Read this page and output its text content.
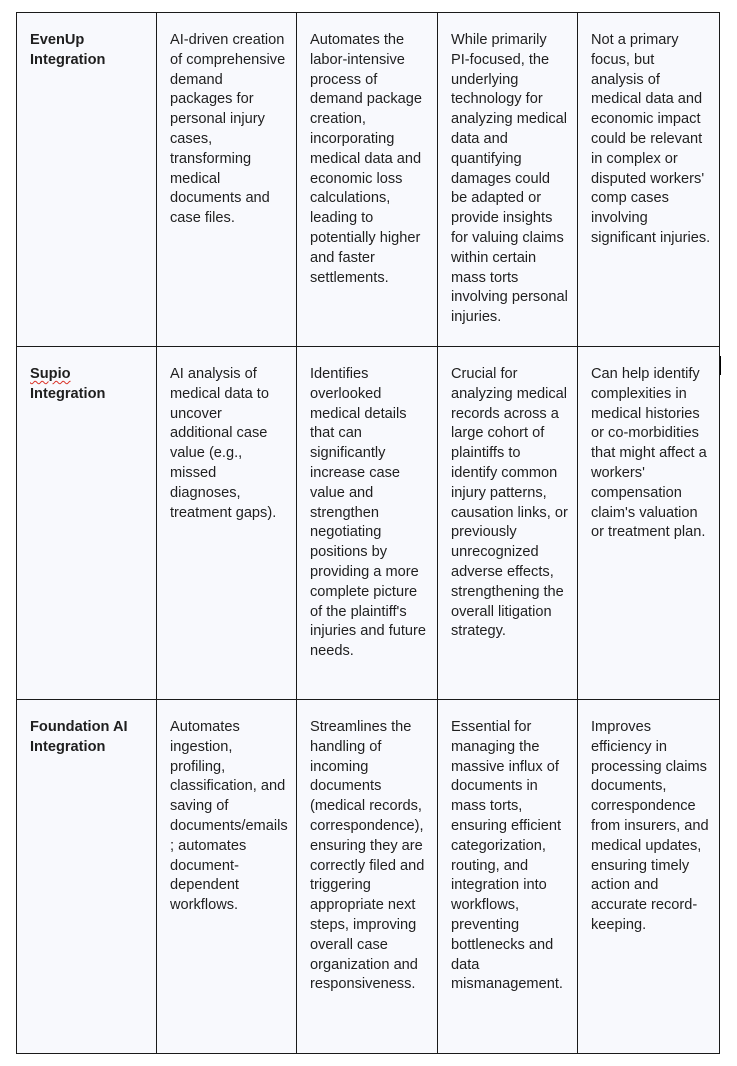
EvenUp Integration	AI-driven creation of comprehensive demand packages for personal injury cases, transforming medical documents and case files.	Automates the labor-intensive process of demand package creation, incorporating medical data and economic loss calculations, leading to potentially higher and faster settlements.	While primarily PI-focused, the underlying technology for analyzing medical data and quantifying damages could be adapted or provide insights for valuing claims within certain mass torts involving personal injuries.	Not a primary focus, but analysis of medical data and economic impact could be relevant in complex or disputed workers' comp cases involving significant injuries.
Supio Integration	AI analysis of medical data to uncover additional case value (e.g., missed diagnoses, treatment gaps).	Identifies overlooked medical details that can significantly increase case value and strengthen negotiating positions by providing a more complete picture of the plaintiff's injuries and future needs.	Crucial for analyzing medical records across a large cohort of plaintiffs to identify common injury patterns, causation links, or previously unrecognized adverse effects, strengthening the overall litigation strategy.	Can help identify complexities in medical histories or co-morbidities that might affect a workers' compensation claim's valuation or treatment plan.
Foundation AI Integration	Automates ingestion, profiling, classification, and saving of documents/emails; automates document-dependent workflows.	Streamlines the handling of incoming documents (medical records, correspondence), ensuring they are correctly filed and triggering appropriate next steps, improving overall case organization and responsiveness.	Essential for managing the massive influx of documents in mass torts, ensuring efficient categorization, routing, and integration into workflows, preventing bottlenecks and data mismanagement.	Improves efficiency in processing claims documents, correspondence from insurers, and medical updates, ensuring timely action and accurate record-keeping.
